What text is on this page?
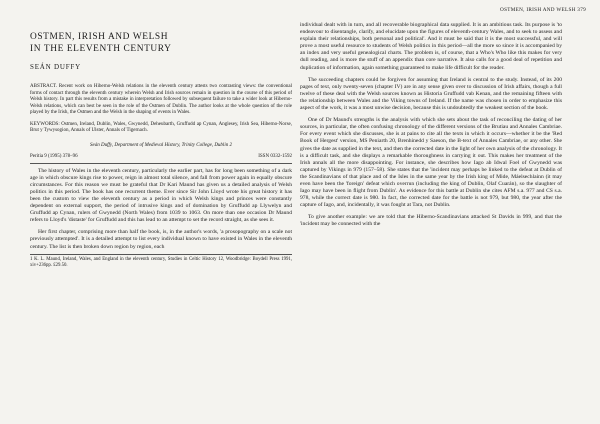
OSTMEN, IRISH AND WELSH 379
OSTMEN, IRISH AND WELSH
IN THE ELEVENTH CENTURY
SEÁN DUFFY
ABSTRACT. Recent work on Hiberno-Welsh relations in the eleventh century attests two contrasting views: the conventional forms of contact through the eleventh century wherein Welsh and Irish sources remain in question in the course of this period of Welsh history. In part this results from a mistake in interpretation followed by subsequent failure to take a wider look at Hiberno-Welsh relations, which can best be seen in the role of the Ostmen of Dublin. The author looks at the whole question of the role played by the Irish, the Ostmen and the Welsh in the shaping of events in Wales.
KEYWORDS: Ostmen, Ireland, Dublin, Wales, Gwynedd, Deheubarth, Gruffudd ap Cynan, Anglesey, Irish Sea, Hiberno-Norse, Brut y Tywysogion, Annals of Ulster, Annals of Tigernach.
Seán Duffy, Department of Medieval History, Trinity College, Dublin 2
Peritia 9 (1995) 378–96	ISSN 0332-1592
The history of Wales in the eleventh century, particularly the earlier part, has for long been something of a dark age in which obscure kings rise to power, reign in almost total silence, and fall from power again in equally obscure circumstances. For this reason we must be grateful that Dr Kari Maund has given us a detailed analysis of Welsh politics in this period. The book has one recurrent theme. Ever since Sir John Lloyd wrote his great history it has been the custom to view the eleventh century as a period in which Welsh kings and princes were constantly dependent on external support, the period of intrusive kings and of domination by Gruffudd ap Llywelyn and Gruffudd ap Cynan, rulers of Gwynedd (North Wales) from 1039 to 1063. On more than one occasion Dr Maund refers to Lloyd's 'distaste' for Gruffudd and this has lead to an attempt to set the record straight, as she sees it.
Her first chapter, comprising more than half the book, is, in the author's words, 'a prosopography on a scale not previously attempted'. It is a detailed attempt to list every individual known to have existed in Wales in the eleventh century. The list is then broken down region by region, each
1 K. L. Maund, Ireland, Wales, and England in the eleventh century, Studies in Celtic History 12, Woodbridge: Boydell Press 1991, xiv+236pp. £29.50.
individual dealt with in turn, and all recoverable biographical data supplied. It is an ambitious task. Its purpose is 'to endeavour to disentangle, clarify, and elucidate upon the figures of eleventh-century Wales, and to seek to assess and explain their relationships, both personal and political'. And it must be said that it is the most successful, and will prove a most useful resource to students of Welsh politics in this period—all the more so since it is accompanied by an index and very useful genealogical charts. The problem is, of course, that a Who's Who like this makes for very dull reading, and is more the stuff of an appendix than core narrative. It also calls for a good deal of repetition and duplication of information, again something guaranteed to make life difficult for the reader.
The succeeding chapters could be forgiven for assuming that Ireland is central to the study. Instead, of its 200 pages of text, only twenty-seven (chapter IV) are in any sense given over to discussion of Irish affairs, though a full twelve of these deal with the Welsh sources known as Historia Gruffudd vab Kenan, and the remaining fifteen with the relationship between Wales and the Viking towns of Ireland. If the name was chosen in order to emphasize this aspect of the work, it was a most unwise decision, because this is undoubtedly the weakest section of the book.
One of Dr Maund's strengths is the analysis with which she sets about the task of reconciling the dating of her sources, in particular, the often confusing chronology of the different versions of the Brutiau and Annales Cambriae. For every event which she discusses, she is at pains to cite all the texts in which it occurs—whether it be the 'Red Book of Hergest' version, MS Peniarth 20, Brenhinedd y Saeson, the B-text of Annales Cambriae, or any other. She gives the date as supplied in the text, and then the corrected date in the light of her own analysis of the chronology. It is a difficult task, and she displays a remarkable thoroughness in carrying it out. This makes her treatment of the Irish annals all the more disappointing. For instance, she describes how Iago ab Idwal Foel of Gwynedd was captured by Vikings in 979 (157–58). She states that the 'incident may perhaps be linked to the defeat at Dublin of the Scandinavians of that place and of the Isles in the same year by the Irish king of Mide, Máelsechlainn (it may even have been the 'foreign' defeat which overrun (including the king of Dublin, Olaf Cuarán), so the slaughter of Iago may have been in flight from Dublin'. As evidence for this battle at Dublin she cites AFM s.a. 977 and CS s.a. 978, while the correct date is 980. In fact, the corrected date for the battle is not 979, but 980, the year after the capture of Iago, and, incidentally, it was fought at Tara, not Dublin.
To give another example: we are told that the Hiberno-Scandinavians attacked St Davids in 999, and that the 'incident may be connected with the
